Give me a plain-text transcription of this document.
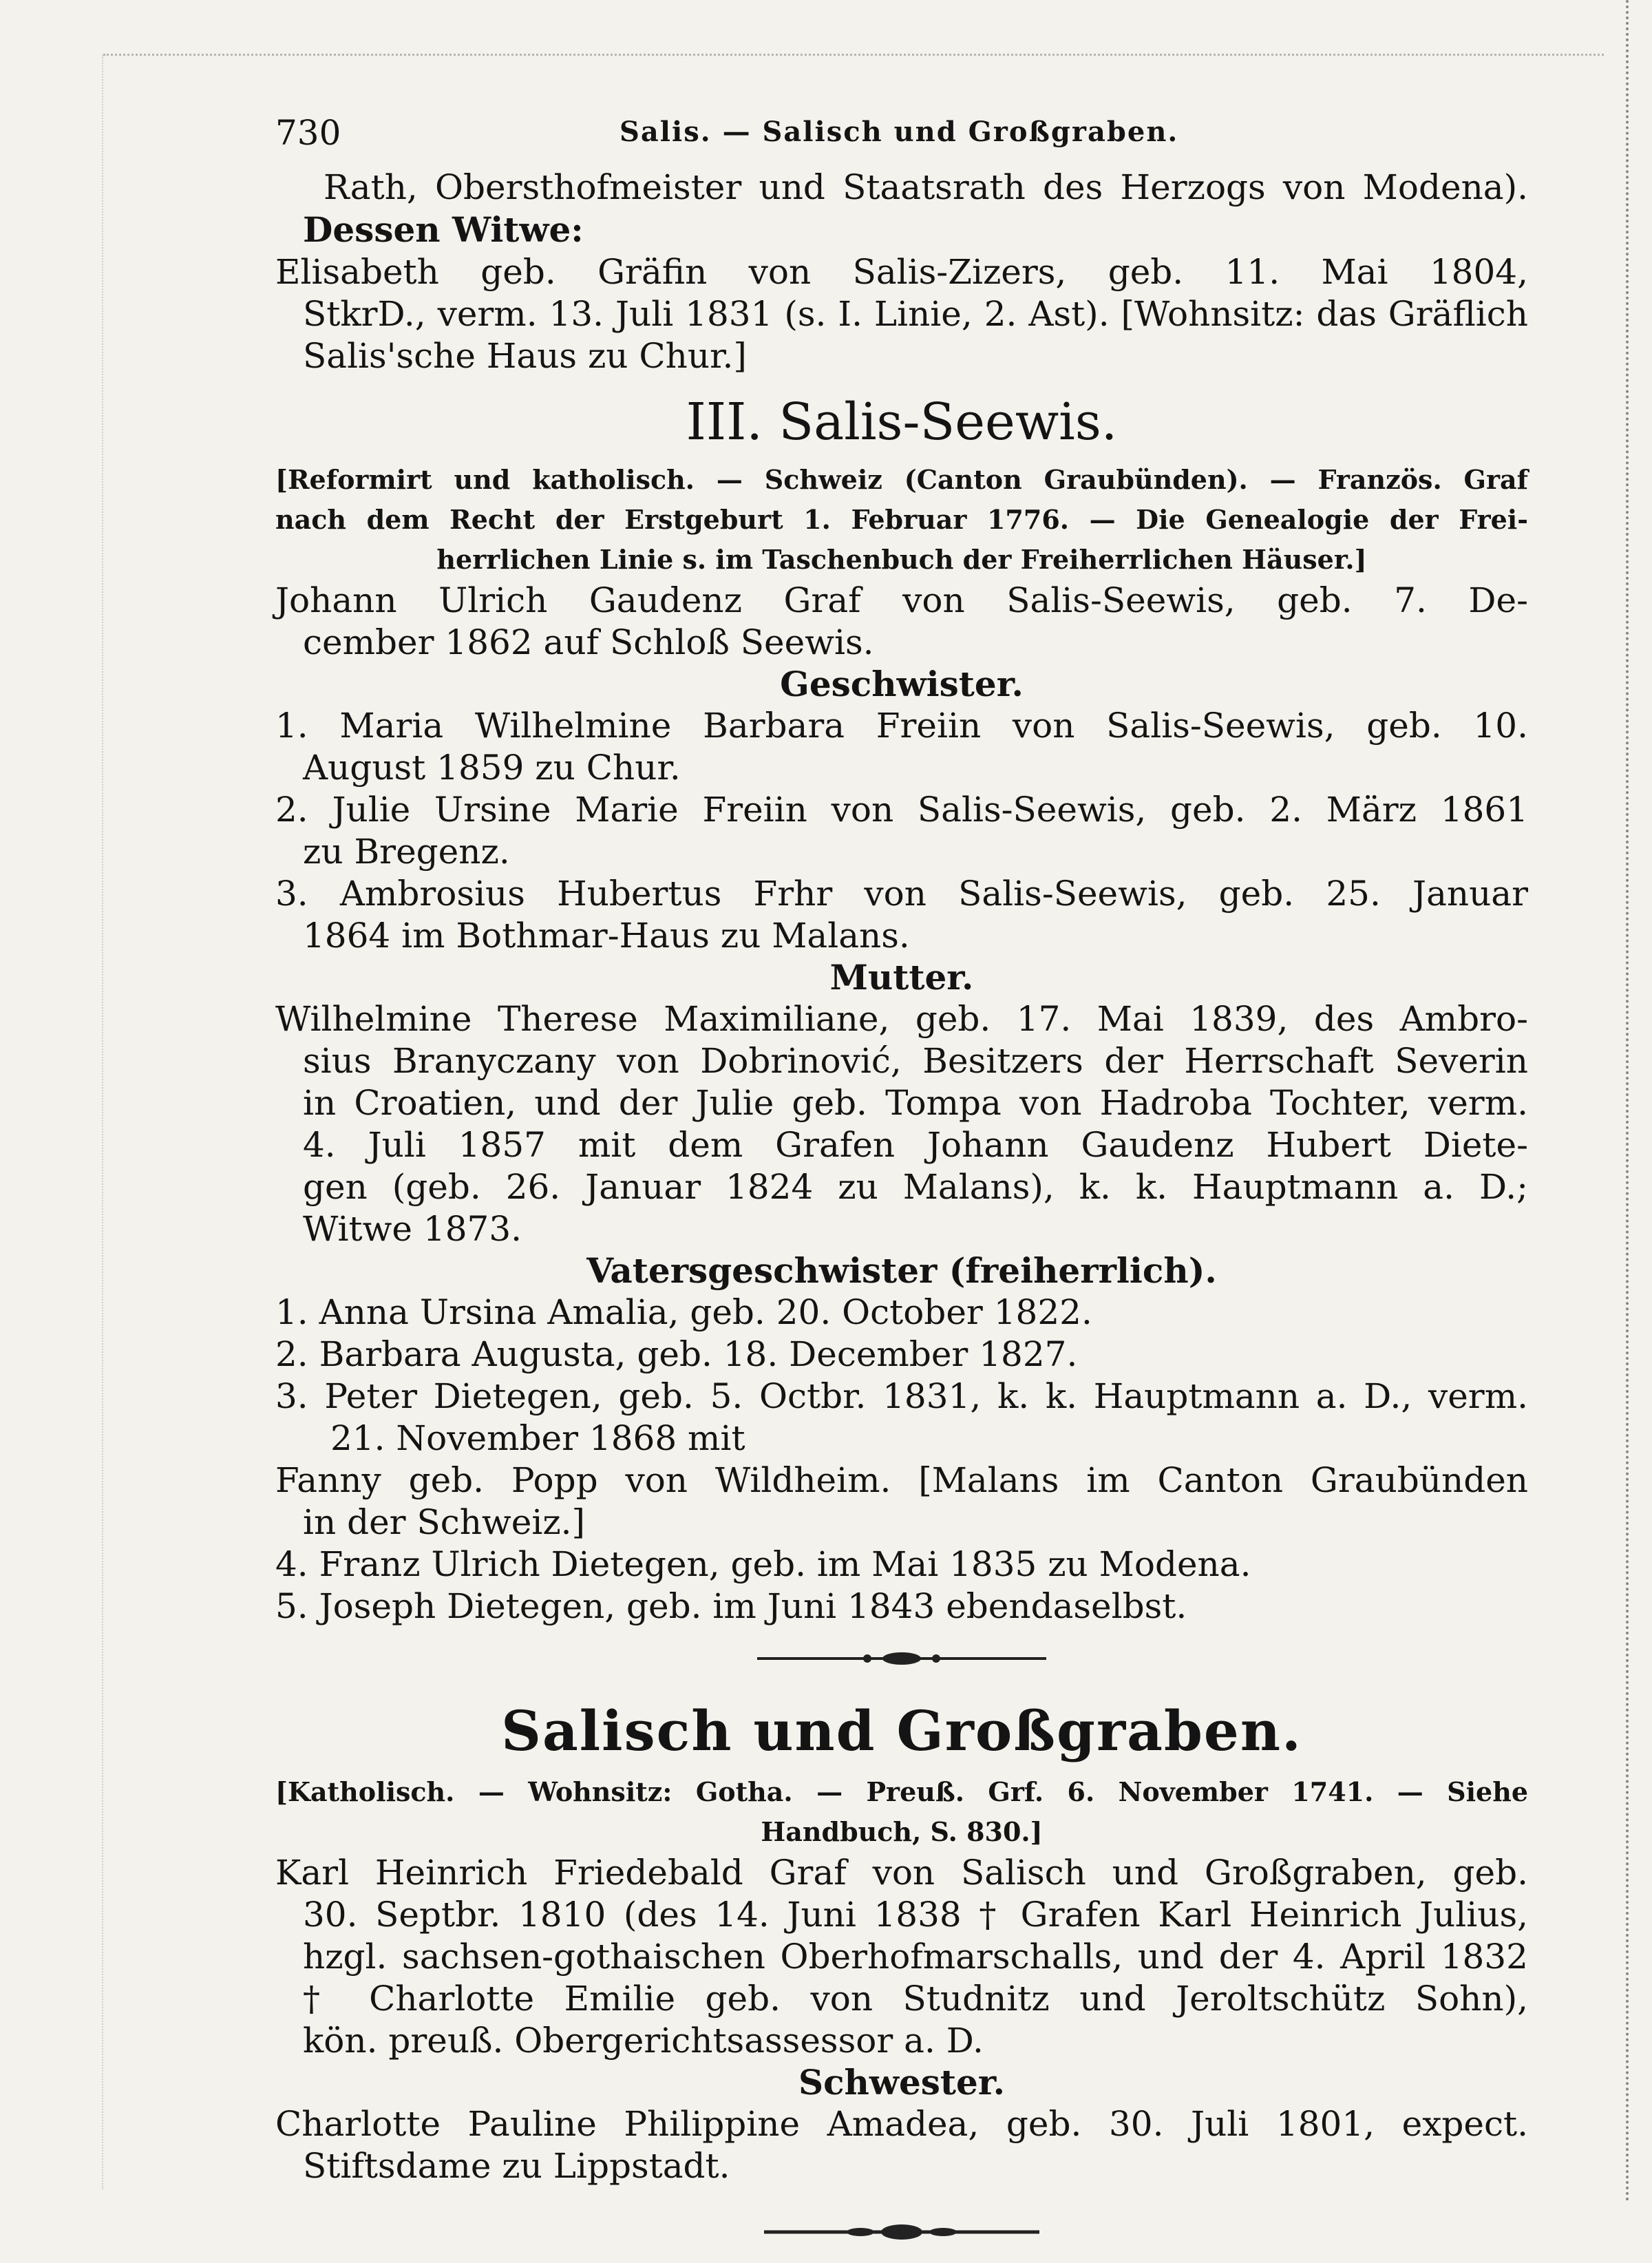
730	Salis. — Salisch und Großgraben.
Rath, Obersthofmeister und Staatsrath des Herzogs von Modena).
Dessen Witwe:
Elisabeth geb. Gräfin von Salis-Zizers, geb. 11. Mai 1804,
StkrD., verm. 13. Juli 1831 (s. I. Linie, 2. Ast). [Wohnsitz: das Gräflich
Salis'sche Haus zu Chur.]
III. Salis-Seewis.
[Reformirt und katholisch. — Schweiz (Canton Graubünden). — Französ. Graf
nach dem Recht der Erstgeburt 1. Februar 1776. — Die Genealogie der Frei-
herrlichen Linie s. im Taschenbuch der Freiherrlichen Häuser.]
Johann Ulrich Gaudenz Graf von Salis-Seewis, geb. 7. De-
cember 1862 auf Schloß Seewis.
Geschwister.
1. Maria Wilhelmine Barbara Freiin von Salis-Seewis, geb. 10.
August 1859 zu Chur.
2. Julie Ursine Marie Freiin von Salis-Seewis, geb. 2. März 1861
zu Bregenz.
3. Ambrosius Hubertus Frhr von Salis-Seewis, geb. 25. Januar
1864 im Bothmar-Haus zu Malans.
Mutter.
Wilhelmine Therese Maximiliane, geb. 17. Mai 1839, des Ambro-
sius Branyczany von Dobrinović, Besitzers der Herrschaft Severin
in Croatien, und der Julie geb. Tompa von Hadroba Tochter, verm.
4. Juli 1857 mit dem Grafen Johann Gaudenz Hubert Diete-
gen (geb. 26. Januar 1824 zu Malans), k. k. Hauptmann a. D.;
Witwe 1873.
Vatersgeschwister (freiherrlich).
1. Anna Ursina Amalia, geb. 20. October 1822.
2. Barbara Augusta, geb. 18. December 1827.
3. Peter Dietegen, geb. 5. Octbr. 1831, k. k. Hauptmann a. D., verm.
21. November 1868 mit
Fanny geb. Popp von Wildheim. [Malans im Canton Graubünden
in der Schweiz.]
4. Franz Ulrich Dietegen, geb. im Mai 1835 zu Modena.
5. Joseph Dietegen, geb. im Juni 1843 ebendaselbst.
Salisch und Großgraben.
[Katholisch. — Wohnsitz: Gotha. — Preuß. Grf. 6. November 1741. — Siehe
Handbuch, S. 830.]
Karl Heinrich Friedebald Graf von Salisch und Großgraben, geb.
30. Septbr. 1810 (des 14. Juni 1838 † Grafen Karl Heinrich Julius,
hzgl. sachsen-gothaischen Oberhofmarschalls, und der 4. April 1832
† Charlotte Emilie geb. von Studnitz und Jeroltschütz Sohn),
kön. preuß. Obergerichtsassessor a. D.
Schwester.
Charlotte Pauline Philippine Amadea, geb. 30. Juli 1801, expect.
Stiftsdame zu Lippstadt.
